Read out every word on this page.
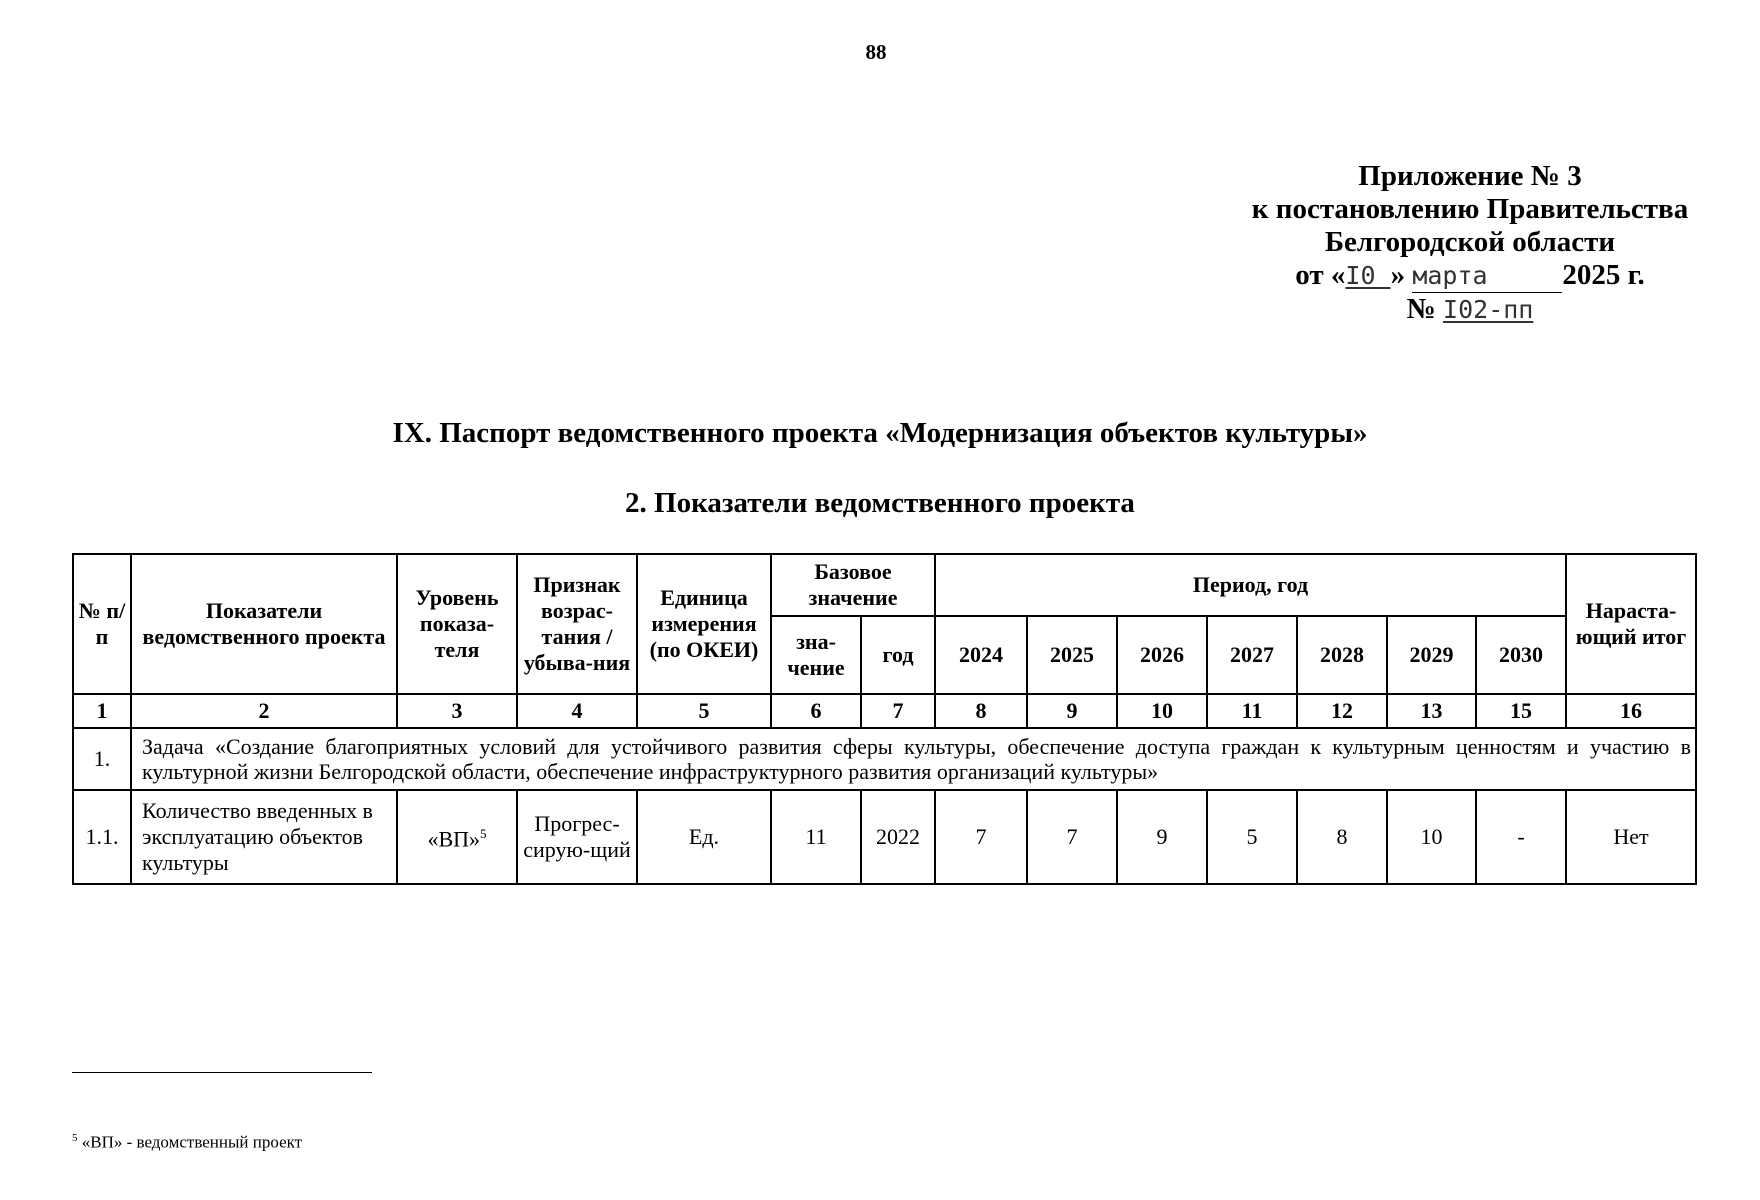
88
Приложение № 3
к постановлению Правительства
Белгородской области
от «I0 » марта	2025 г.
№ I02-пп
IX. Паспорт ведомственного проекта «Модернизация объектов культуры»
2. Показатели ведомственного проекта
№ п/п	Показатели ведомственного проекта	Уровень показа-теля	Признак возрас-тания / убыва-ния	Единица измерения (по ОКЕИ)	Базовое значение		Период, год							Нараста-ющий итог
					зна-чение	год	2024	2025	2026	2027	2028	2029	2030	
1	2	3	4	5	6	7	8	9	10	11	12	13	15	16
1.	Задача «Создание благоприятных условий для устойчивого развития сферы культуры, обеспечение доступа граждан к культурным ценностям и участию в культурной жизни Белгородской области, обеспечение инфраструктурного развития организаций культуры»													
1.1.	Количество введенных в эксплуатацию объектов культуры	«ВП»$^5$	Прогрес-сирую-щий	Ед.	11	2022	7	7	9	5	8	10	-	Нет
$^5$ «ВП» - ведомственный проект
